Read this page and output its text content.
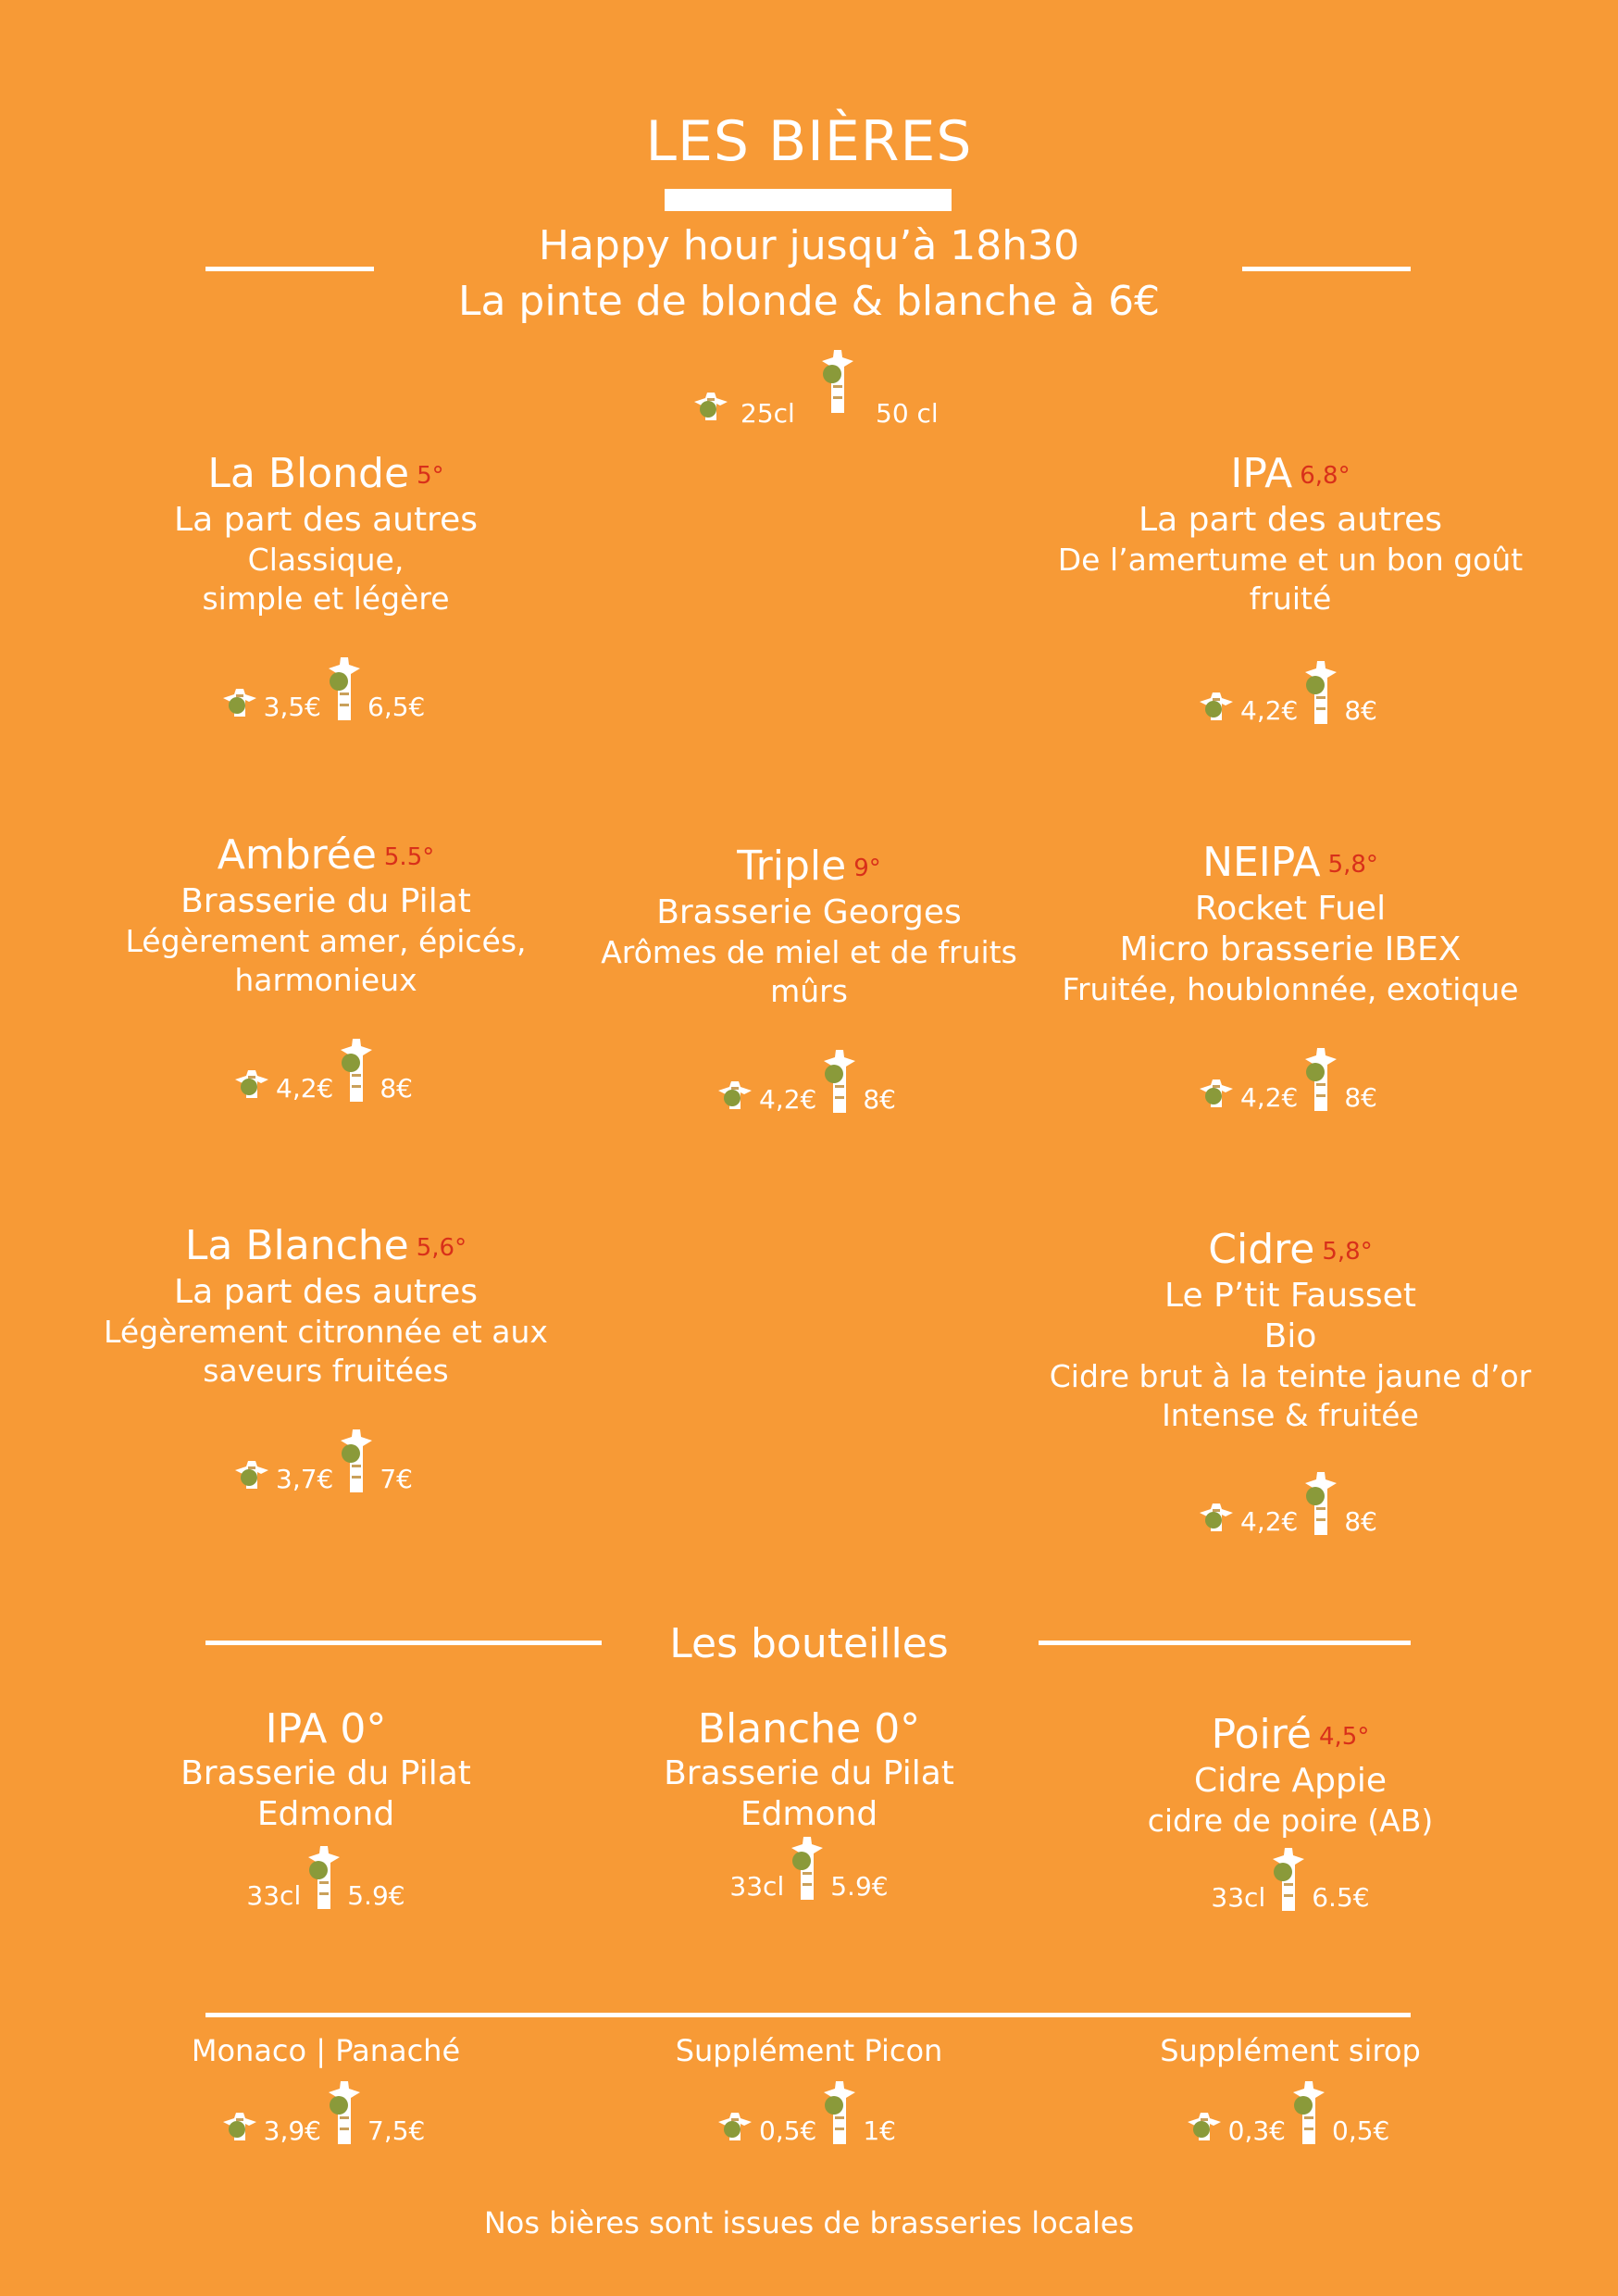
LES BIÈRES
Happy hour jusqu’à 18h30
La pinte de blonde & blanche à 6€
25cl	50 cl
La Blonde 5°
La part des autres
Classique,
simple et légère
3,5€ 6,5€
IPA 6,8°
La part des autres
De l’amertume et un bon goût
fruité
4,2€ 8€
Ambrée 5.5°
Brasserie du Pilat
Légèrement amer, épicés,
harmonieux
4,2€ 8€
Triple 9°
Brasserie Georges
Arômes de miel et de fruits
mûrs
4,2€ 8€
NEIPA 5,8°
Rocket Fuel
Micro brasserie IBEX
Fruitée, houblonnée, exotique
4,2€ 8€
La Blanche 5,6°
La part des autres
Légèrement citronnée et aux
saveurs fruitées
3,7€ 7€
Cidre 5,8°
Le P’tit Fausset
Bio
Cidre brut à la teinte jaune d’or
Intense & fruitée
4,2€ 8€
Les bouteilles
IPA 0°
Brasserie du Pilat
Edmond
33cl 5.9€
Blanche 0°
Brasserie du Pilat
Edmond
33cl 5.9€
Poiré 4,5°
Cidre Appie
cidre de poire (AB)
33cl 6.5€
Monaco | Panaché
3,9€ 7,5€
Supplément Picon
0,5€ 1€
Supplément sirop
0,3€ 0,5€
Nos bières sont issues de brasseries locales
